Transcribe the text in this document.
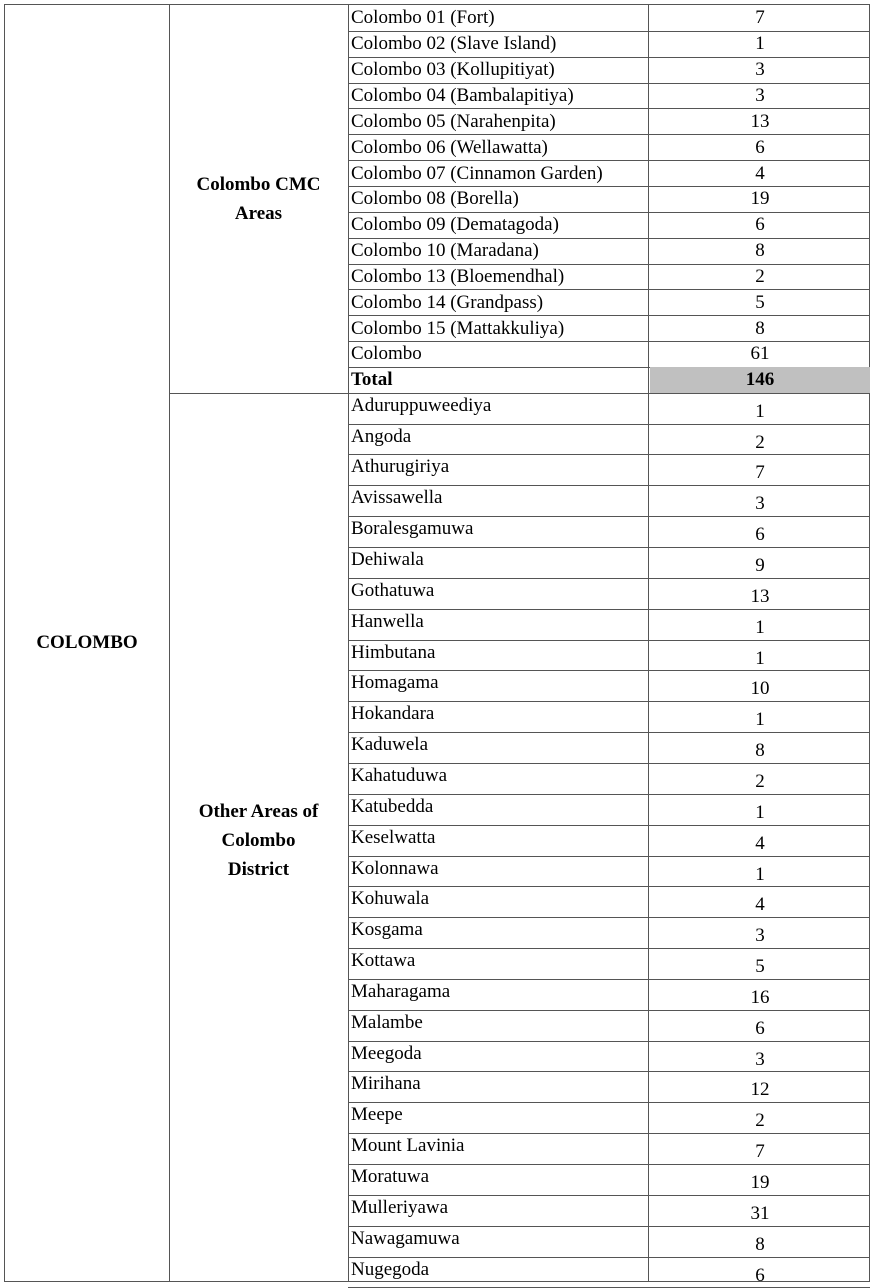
COLOMBO
Colombo CMC
Areas
Colombo 01 (Fort)	7
Colombo 02 (Slave Island)	1
Colombo 03 (Kollupitiyat)	3
Colombo 04 (Bambalapitiya)	3
Colombo 05 (Narahenpita)	13
Colombo 06 (Wellawatta)	6
Colombo 07 (Cinnamon Garden)	4
Colombo 08 (Borella)	19
Colombo 09 (Dematagoda)	6
Colombo 10 (Maradana)	8
Colombo 13 (Bloemendhal)	2
Colombo 14 (Grandpass)	5
Colombo 15 (Mattakkuliya)	8
Colombo	61
Total	146
Other Areas of
Colombo
District
Aduruppuweediya	1
Angoda	2
Athurugiriya	7
Avissawella	3
Boralesgamuwa	6
Dehiwala	9
Gothatuwa	13
Hanwella	1
Himbutana	1
Homagama	10
Hokandara	1
Kaduwela	8
Kahatuduwa	2
Katubedda	1
Keselwatta	4
Kolonnawa	1
Kohuwala	4
Kosgama	3
Kottawa	5
Maharagama	16
Malambe	6
Meegoda	3
Mirihana	12
Meepe	2
Mount Lavinia	7
Moratuwa	19
Mulleriyawa	31
Nawagamuwa	8
Nugegoda	6
